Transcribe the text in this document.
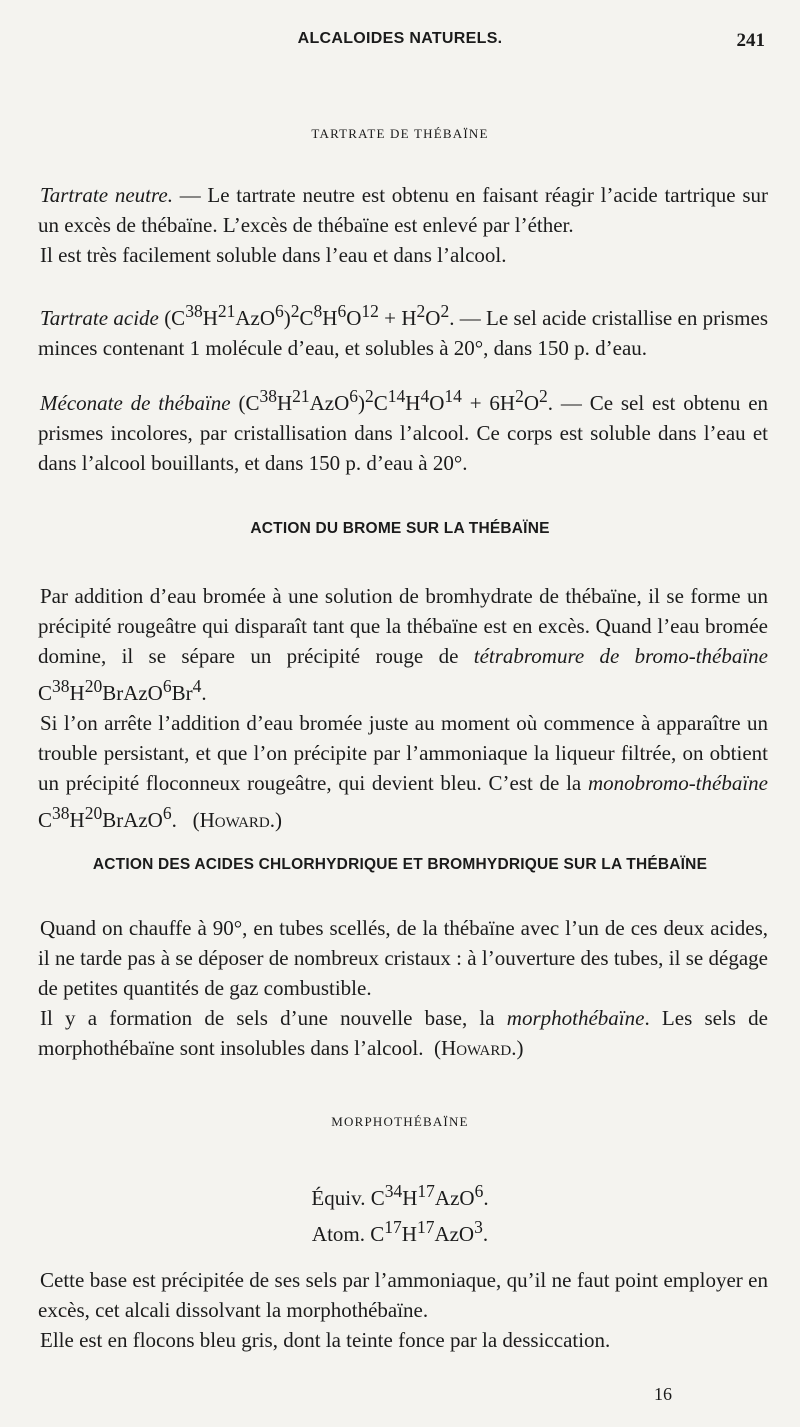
ALCALOIDES NATURELS.	241
TARTRATE DE THÉBAÏNE

Tartrate neutre. — Le tartrate neutre est obtenu en faisant réagir l’acide tartrique sur un excès de thébaïne. L’excès de thébaïne est enlevé par l’éther.

Il est très facilement soluble dans l’eau et dans l’alcool.

Tartrate acide $(C^{38}H^{21}AzO^6)^2C^8H^6O^{12} + H^2O^2$. — Le sel acide cristallise en prismes minces contenant 1 molécule d’eau, et solubles à 20°, dans 150 p. d’eau.

Méconate de thébaïne $(C^{38}H^{21}AzO^6)^2C^{14}H^4O^{14} + 6H^2O^2$. — Ce sel est obtenu en prismes incolores, par cristallisation dans l’alcool. Ce corps est soluble dans l’eau et dans l’alcool bouillants, et dans 150 p. d’eau à 20°.

ACTION DU BROME SUR LA THÉBAÏNE

Par addition d’eau bromée à une solution de bromhydrate de thébaïne, il se forme un précipité rougeâtre qui disparaît tant que la thébaïne est en excès. Quand l’eau bromée domine, il se sépare un précipité rouge de tétrabromure de bromo-thébaïne $C^{38}H^{20}BrAzO^6Br^4$.

Si l’on arrête l’addition d’eau bromée juste au moment où commence à apparaître un trouble persistant, et que l’on précipite par l’ammoniaque la liqueur filtrée, on obtient un précipité floconneux rougeâtre, qui devient bleu. C’est de la monobromo-thébaïne $C^{38}H^{20}BrAzO^6$.   (Howard.)

ACTION DES ACIDES CHLORHYDRIQUE ET BROMHYDRIQUE SUR LA THÉBAÏNE

Quand on chauffe à 90°, en tubes scellés, de la thébaïne avec l’un de ces deux acides, il ne tarde pas à se déposer de nombreux cristaux : à l’ouverture des tubes, il se dégage de petites quantités de gaz combustible.

Il y a formation de sels d’une nouvelle base, la morphothébaïne. Les sels de morphothébaïne sont insolubles dans l’alcool.  (Howard.)

MORPHOTHÉBAÏNE
Équiv. $C^{34}H^{17}AzO^6$.
Atom. $C^{17}H^{17}AzO^3$.

Cette base est précipitée de ses sels par l’ammoniaque, qu’il ne faut point employer en excès, cet alcali dissolvant la morphothébaïne.

Elle est en flocons bleu gris, dont la teinte fonce par la dessiccation.

16
